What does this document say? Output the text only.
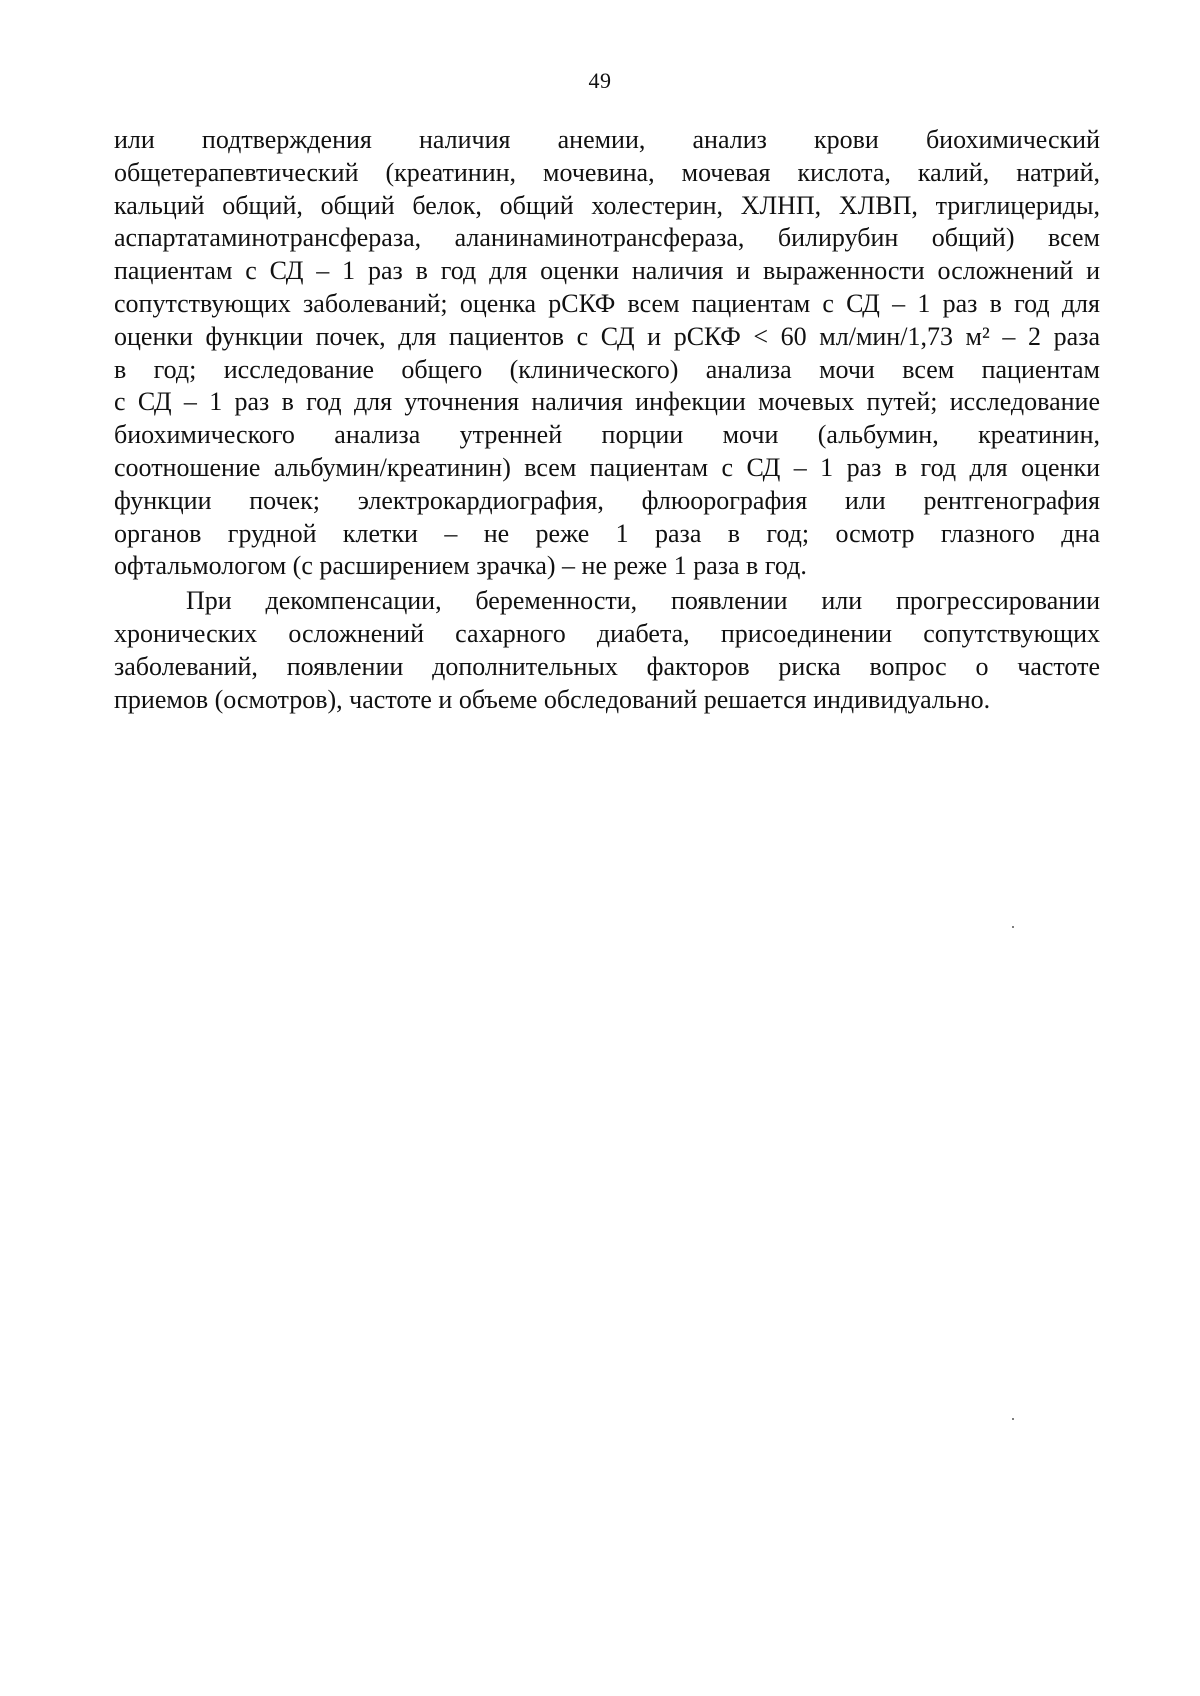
49
или подтверждения наличия анемии, анализ крови биохимический
общетерапевтический (креатинин, мочевина, мочевая кислота, калий, натрий,
кальций общий, общий белок, общий холестерин, ХЛНП, ХЛВП, триглицериды,
аспартатаминотрансфераза, аланинаминотрансфераза, билирубин общий) всем
пациентам с СД – 1 раз в год для оценки наличия и выраженности осложнений и
сопутствующих заболеваний; оценка рСКФ всем пациентам с СД – 1 раз в год для
оценки функции почек, для пациентов с СД и рСКФ < 60 мл/мин/1,73 м² – 2 раза
в год; исследование общего (клинического) анализа мочи всем пациентам
с СД – 1 раз в год для уточнения наличия инфекции мочевых путей; исследование
биохимического анализа утренней порции мочи (альбумин, креатинин,
соотношение альбумин/креатинин) всем пациентам с СД – 1 раз в год для оценки
функции почек; электрокардиография, флюорография или рентгенография
органов грудной клетки – не реже 1 раза в год; осмотр глазного дна
офтальмологом (с расширением зрачка) – не реже 1 раза в год.
При декомпенсации, беременности, появлении или прогрессировании
хронических осложнений сахарного диабета, присоединении сопутствующих
заболеваний, появлении дополнительных факторов риска вопрос о частоте
приемов (осмотров), частоте и объеме обследований решается индивидуально.
